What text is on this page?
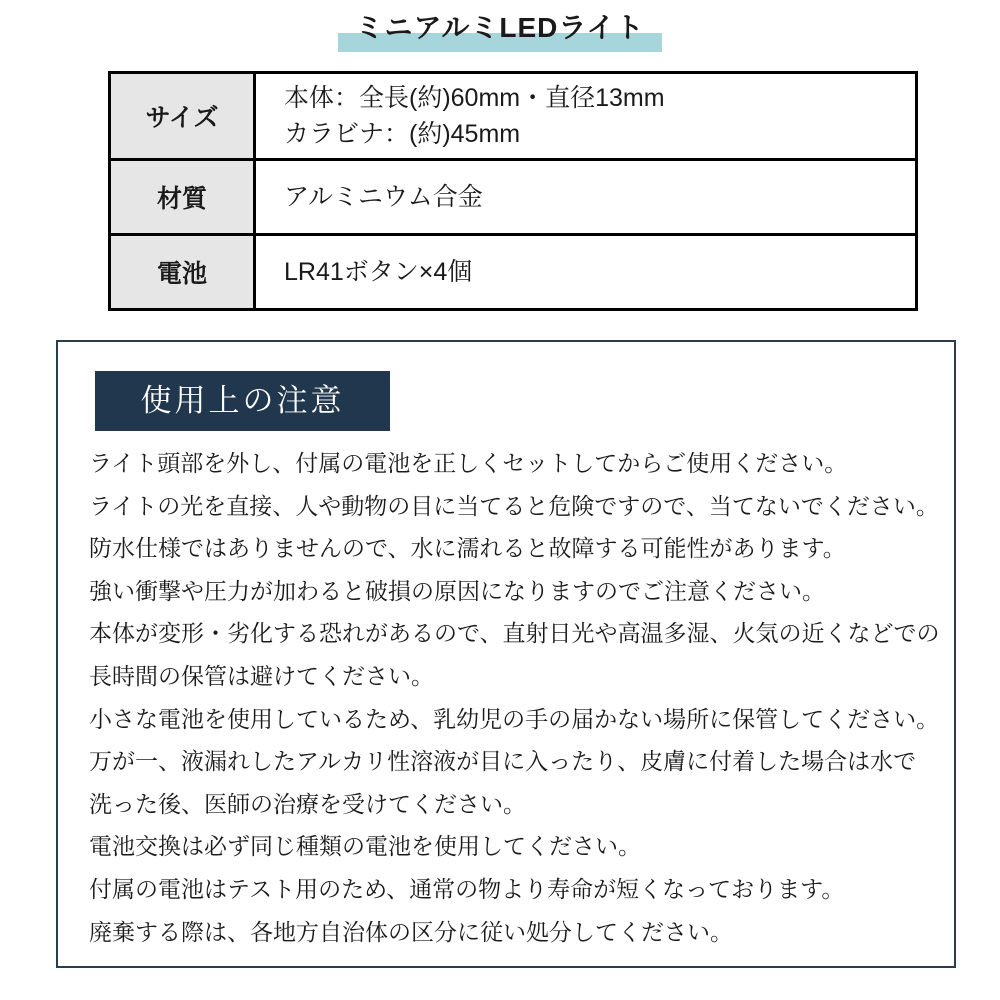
ミニアルミLEDライト
サイズ	本体：全長(約)60mm・直径13mm
カラビナ：(約)45mm

材質	アルミニウム合金

電池	LR41ボタン×4個
使用上の注意
ライト頭部を外し、付属の電池を正しくセットしてからご使用ください。
ライトの光を直接、人や動物の目に当てると危険ですので、当てないでください。
防水仕様ではありませんので、水に濡れると故障する可能性があります。
強い衝撃や圧力が加わると破損の原因になりますのでご注意ください。
本体が変形・劣化する恐れがあるので、直射日光や高温多湿、火気の近くなどでの
長時間の保管は避けてください。
小さな電池を使用しているため、乳幼児の手の届かない場所に保管してください。
万が一、液漏れしたアルカリ性溶液が目に入ったり、皮膚に付着した場合は水で
洗った後、医師の治療を受けてください。
電池交換は必ず同じ種類の電池を使用してください。
付属の電池はテスト用のため、通常の物より寿命が短くなっております。
廃棄する際は、各地方自治体の区分に従い処分してください。
